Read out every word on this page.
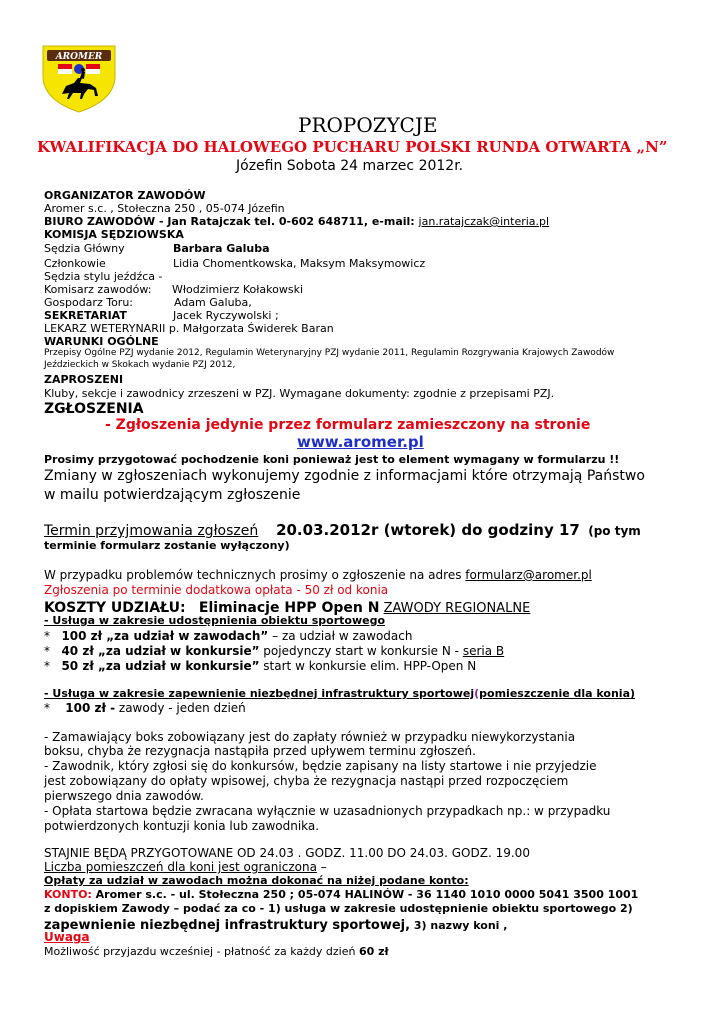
AROMER
PROPOZYCJE
KWALIFIKACJA DO HALOWEGO PUCHARU POLSKI RUNDA OTWARTA „N”
Józefin Sobota 24 marzec 2012r.
ORGANIZATOR ZAWODÓW
Aromer s.c. , Stołeczna 250 , 05-074 Józefin
BIURO ZAWODÓW - Jan Ratajczak tel. 0-602 648711, e-mail: jan.ratajczak@interia.pl
KOMISJA SĘDZIOWSKA
Sędzia Główny	Barbara Galuba
Członkowie	Lidia Chomentkowska, Maksym Maksymowicz
Sędzia stylu jeźdźca -
Komisarz zawodów: Włodzimierz Kołakowski
Gospodarz Toru:	Adam Galuba,
SEKRETARIAT	Jacek Ryczywolski ;
LEKARZ WETERYNARII p. Małgorzata Świderek Baran
WARUNKI OGÓLNE
Przepisy Ogólne PZJ wydanie 2012, Regulamin Weterynaryjny PZJ wydanie 2011, Regulamin Rozgrywania Krajowych Zawodów
Jeździeckich w Skokach wydanie PZJ 2012,
ZAPROSZENI
Kluby, sekcje i zawodnicy zrzeszeni w PZJ. Wymagane dokumenty: zgodnie z przepisami PZJ.
ZGŁOSZENIA
- Zgłoszenia jedynie przez formularz zamieszczony na stronie
www.aromer.pl
Prosimy przygotować pochodzenie koni ponieważ jest to element wymagany w formularzu !!
Zmiany w zgłoszeniach wykonujemy zgodnie z informacjami które otrzymają Państwo
w mailu potwierdzającym zgłoszenie
Termin przyjmowania zgłoszeń 20.03.2012r (wtorek) do godziny 17 (po tym
terminie formularz zostanie wyłączony)
W przypadku problemów technicznych prosimy o zgłoszenie na adres formularz@aromer.pl
Zgłoszenia po terminie dodatkowa opłata - 50 zł od konia
KOSZTY UDZIAŁU: Eliminacje HPP Open N ZAWODY REGIONALNE
- Usługa w zakresie udostępnienia obiektu sportowego
*   100 zł „za udział w zawodach” – za udział w zawodach
*   40 zł „za udział w konkursie” pojedynczy start w konkursie N - seria B
*   50 zł „za udział w konkursie” start w konkursie elim. HPP-Open N
- Usługa w zakresie zapewnienie niezbędnej infrastruktury sportowej(pomieszczenie dla konia)
*    100 zł - zawody - jeden dzień
- Zamawiający boks zobowiązany jest do zapłaty również w przypadku niewykorzystania
boksu, chyba że rezygnacja nastąpiła przed upływem terminu zgłoszeń.
- Zawodnik, który zgłosi się do konkursów, będzie zapisany na listy startowe i nie przyjedzie
jest zobowiązany do opłaty wpisowej, chyba że rezygnacja nastąpi przed rozpoczęciem
pierwszego dnia zawodów.
- Opłata startowa będzie zwracana wyłącznie w uzasadnionych przypadkach np.: w przypadku
potwierdzonych kontuzji konia lub zawodnika.
STAJNIE BĘDĄ PRZYGOTOWANE OD 24.03 . GODZ. 11.00 DO 24.03. GODZ. 19.00
Liczba pomieszczeń dla koni jest ograniczona –
Opłaty za udział w zawodach można dokonać na niżej podane konto:
KONTO: Aromer s.c. - ul. Stołeczna 250 ; 05-074 HALINÓW - 36 1140 1010 0000 5041 3500 1001
z dopiskiem Zawody – podać za co - 1) usługa w zakresie udostępnienie obiektu sportowego 2)
zapewnienie niezbędnej infrastruktury sportowej, 3) nazwy koni ,
Uwaga
Możliwość przyjazdu wcześniej - płatność za każdy dzień 60 zł
